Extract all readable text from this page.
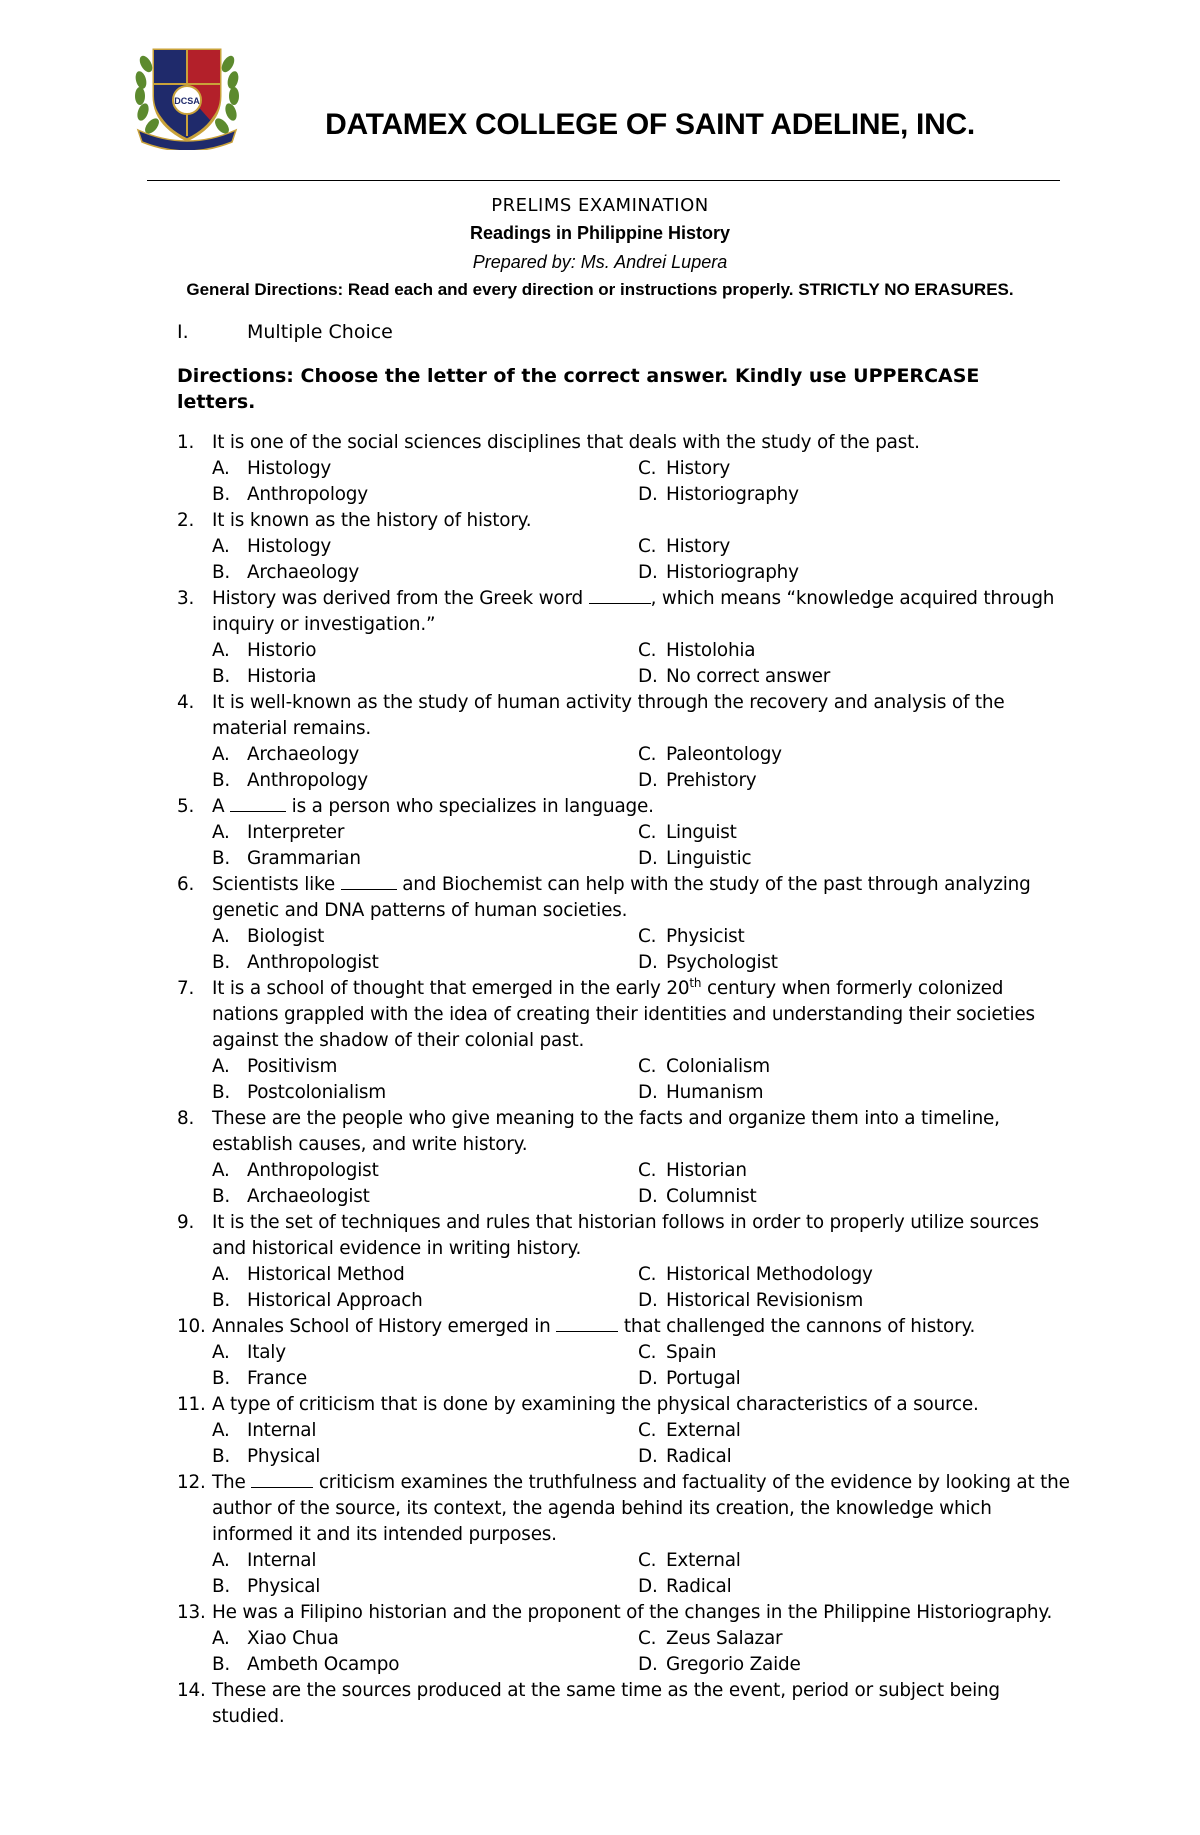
DCSA
DATAMEX COLLEGE OF SAINT ADELINE, INC.
PRELIMS EXAMINATION
Readings in Philippine History
Prepared by: Ms. Andrei Lupera
General Directions: Read each and every direction or instructions properly. STRICTLY NO ERASURES.
I.	Multiple Choice
Directions: Choose the letter of the correct answer. Kindly use UPPERCASE letters.
1. It is one of the social sciences disciplines that deals with the study of the past.
A. Histology	C. History
B. Anthropology	D. Historiography
2. It is known as the history of history.
A. Histology	C. History
B. Archaeology	D. Historiography
3. History was derived from the Greek word	, which means “knowledge acquired through inquiry or investigation.”
A. Historio	C. Histolohia
B. Historia	D. No correct answer
4. It is well-known as the study of human activity through the recovery and analysis of the material remains.
A. Archaeology	C. Paleontology
B. Anthropology	D. Prehistory
5. A	is a person who specializes in language.
A. Interpreter	C. Linguist
B. Grammarian	D. Linguistic
6. Scientists like	and Biochemist can help with the study of the past through analyzing genetic and DNA patterns of human societies.
A. Biologist	C. Physicist
B. Anthropologist	D. Psychologist
7. It is a school of thought that emerged in the early 20th century when formerly colonized nations grappled with the idea of creating their identities and understanding their societies against the shadow of their colonial past.
A. Positivism	C. Colonialism
B. Postcolonialism	D. Humanism
8. These are the people who give meaning to the facts and organize them into a timeline, establish causes, and write history.
A. Anthropologist	C. Historian
B. Archaeologist	D. Columnist
9. It is the set of techniques and rules that historian follows in order to properly utilize sources and historical evidence in writing history.
A. Historical Method	C. Historical Methodology
B. Historical Approach	D. Historical Revisionism
10. Annales School of History emerged in	that challenged the cannons of history.
A. Italy	C. Spain
B. France	D. Portugal
11. A type of criticism that is done by examining the physical characteristics of a source.
A. Internal	C. External
B. Physical	D. Radical
12. The	criticism examines the truthfulness and factuality of the evidence by looking at the author of the source, its context, the agenda behind its creation, the knowledge which informed it and its intended purposes.
A. Internal	C. External
B. Physical	D. Radical
13. He was a Filipino historian and the proponent of the changes in the Philippine Historiography.
A. Xiao Chua	C. Zeus Salazar
B. Ambeth Ocampo	D. Gregorio Zaide
14. These are the sources produced at the same time as the event, period or subject being studied.
